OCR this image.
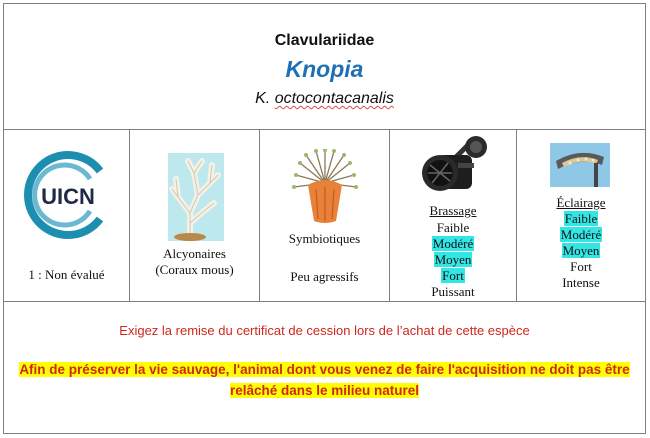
Clavulariidae
Knopia
K. octocontacanalis
UICN
1 : Non évalué
Alcyonaires
(Coraux mous)
Symbiotiques
Peu agressifs
Brassage
Faible
Modéré
Moyen
Fort
Puissant
Éclairage
Faible
Modéré
Moyen
Fort
Intense
Exigez la remise du certificat de cession lors de l’achat de cette espèce
Afin de préserver la vie sauvage, l'animal dont vous venez de faire l'acquisition ne doit pas être
relâché dans le milieu naturel
